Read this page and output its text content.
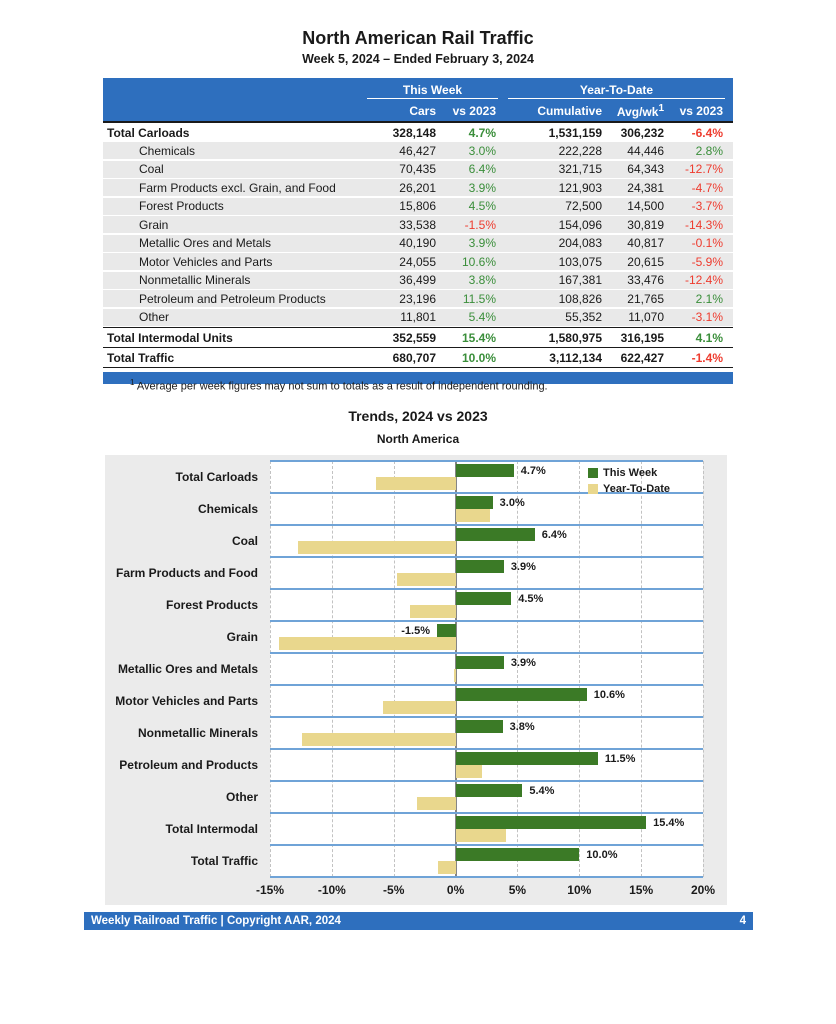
North American Rail Traffic
Week 5, 2024 – Ended February 3, 2024
This Week	Year-To-Date
Cars	vs 2023	Cumulative	Avg/$wk^1$	vs 2023
Total Carloads	328,148	4.7%	1,531,159	306,232	-6.4%
Chemicals	46,427	3.0%	222,228	44,446	2.8%
Coal	70,435	6.4%	321,715	64,343	-12.7%
Farm Products excl. Grain, and Food	26,201	3.9%	121,903	24,381	-4.7%
Forest Products	15,806	4.5%	72,500	14,500	-3.7%
Grain	33,538	-1.5%	154,096	30,819	-14.3%
Metallic Ores and Metals	40,190	3.9%	204,083	40,817	-0.1%
Motor Vehicles and Parts	24,055	10.6%	103,075	20,615	-5.9%
Nonmetallic Minerals	36,499	3.8%	167,381	33,476	-12.4%
Petroleum and Petroleum Products	23,196	11.5%	108,826	21,765	2.1%
Other	11,801	5.4%	55,352	11,070	-3.1%
Total Intermodal Units	352,559	15.4%	1,580,975	316,195	4.1%
Total Traffic	680,707	10.0%	3,112,134	622,427	-1.4%
$^1$ Average per week figures may not sum to totals as a result of independent rounding.
Trends, 2024 vs 2023
North America
4.7%
3.0%
6.4%
3.9%
4.5%
-1.5%
3.9%
10.6%
3.8%
11.5%
5.4%
15.4%
10.0%
This Week
Year-To-Date
-15%	-10%	-5%	0%	5%	10%	15%	20%
Total Carloads
Chemicals
Coal
Farm Products and Food
Forest Products
Grain
Metallic Ores and Metals
Motor Vehicles and Parts
Nonmetallic Minerals
Petroleum and Products
Other
Total Intermodal
Total Traffic
Weekly Railroad Traffic | Copyright AAR, 2024	4
